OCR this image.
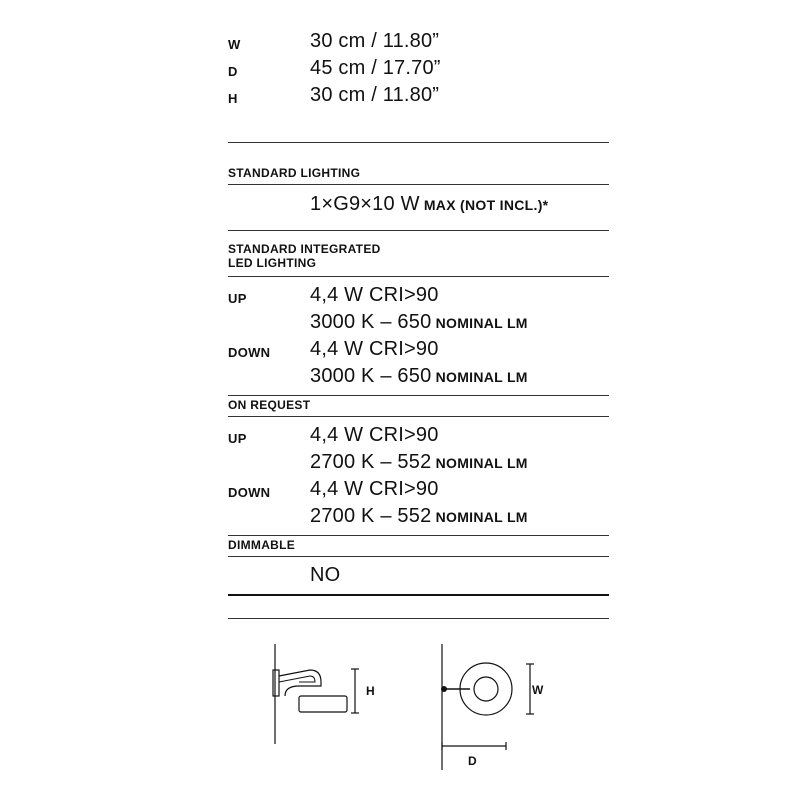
W	30 cm / 11.80”
D	45 cm / 17.70”
H	30 cm / 11.80”
STANDARD LIGHTING
1×G9×10 W MAX (NOT INCL.)*
STANDARD INTEGRATED
LED LIGHTING
UP	4,4 W CRI>90
3000 K – 650 NOMINAL LM
DOWN 4,4 W CRI>90
3000 K – 650 NOMINAL LM
ON REQUEST
UP	4,4 W CRI>90
2700 K – 552 NOMINAL LM
DOWN 4,4 W CRI>90
2700 K – 552 NOMINAL LM
DIMMABLE
NO
H	W
D
